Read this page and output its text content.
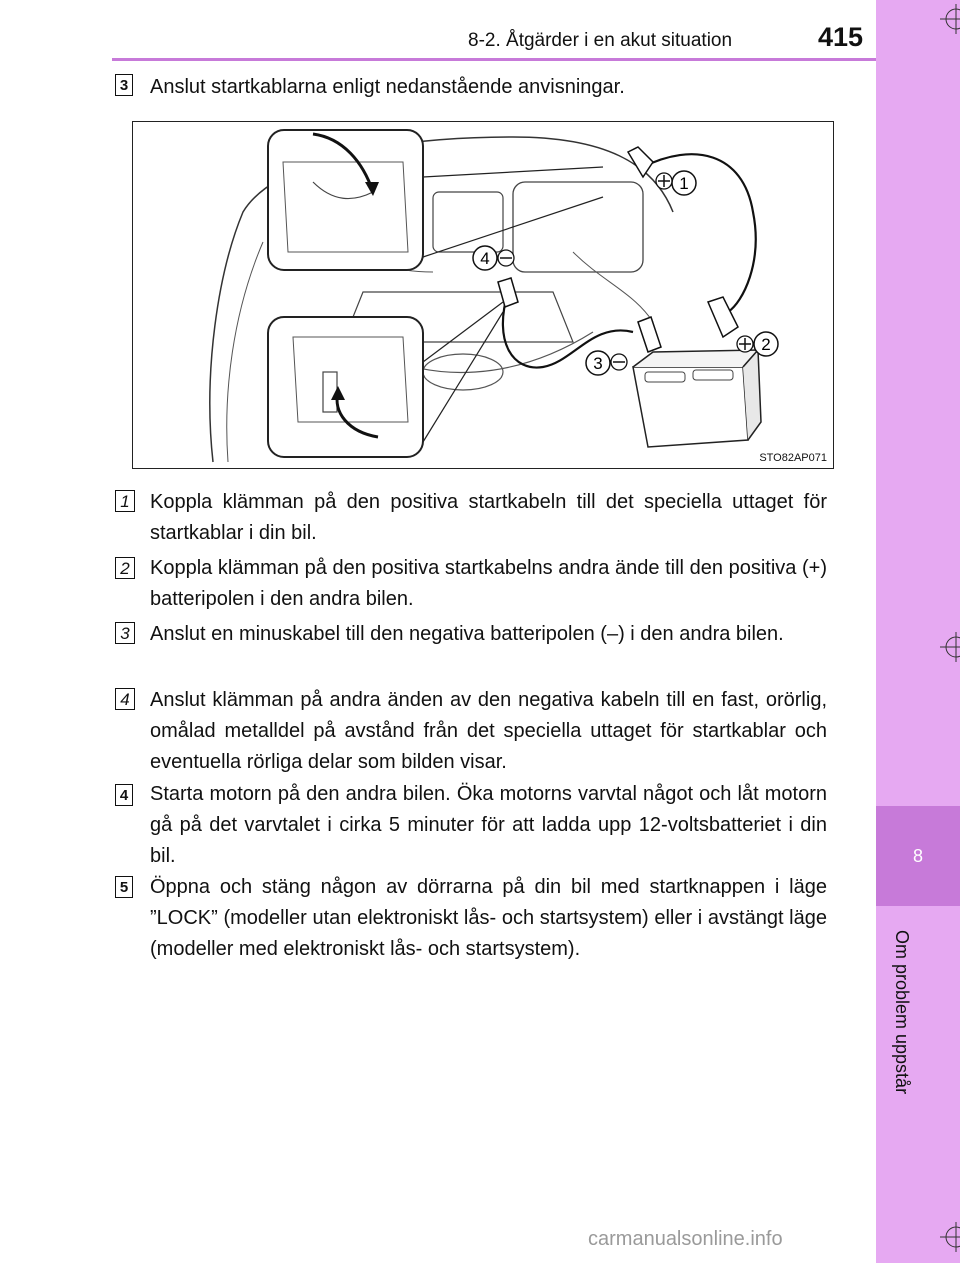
8-2. Åtgärder i en akut situation	415
8
Om problem uppstår
3 Anslut startkablarna enligt nedanstående anvisningar.
1
2
3
4
STO82AP071
1 Koppla klämman på den positiva startkabeln till det speciella uttaget för startkablar i din bil.
2 Koppla klämman på den positiva startkabelns andra ände till den positiva (+) batteripolen i den andra bilen.
3 Anslut en minuskabel till den negativa batteripolen (–) i den andra bilen.
4 Anslut klämman på andra änden av den negativa kabeln till en fast, orörlig, omålad metalldel på avstånd från det speciella uttaget för startkablar och eventuella rörliga delar som bilden visar.
4 Starta motorn på den andra bilen. Öka motorns varvtal något och låt motorn gå på det varvtalet i cirka 5 minuter för att ladda upp 12-voltsbatteriet i din bil.
5 Öppna och stäng någon av dörrarna på din bil med startknappen i läge ”LOCK” (modeller utan elektroniskt lås- och startsystem) eller i avstängt läge (modeller med elektroniskt lås- och startsystem).
carmanualsonline.info
